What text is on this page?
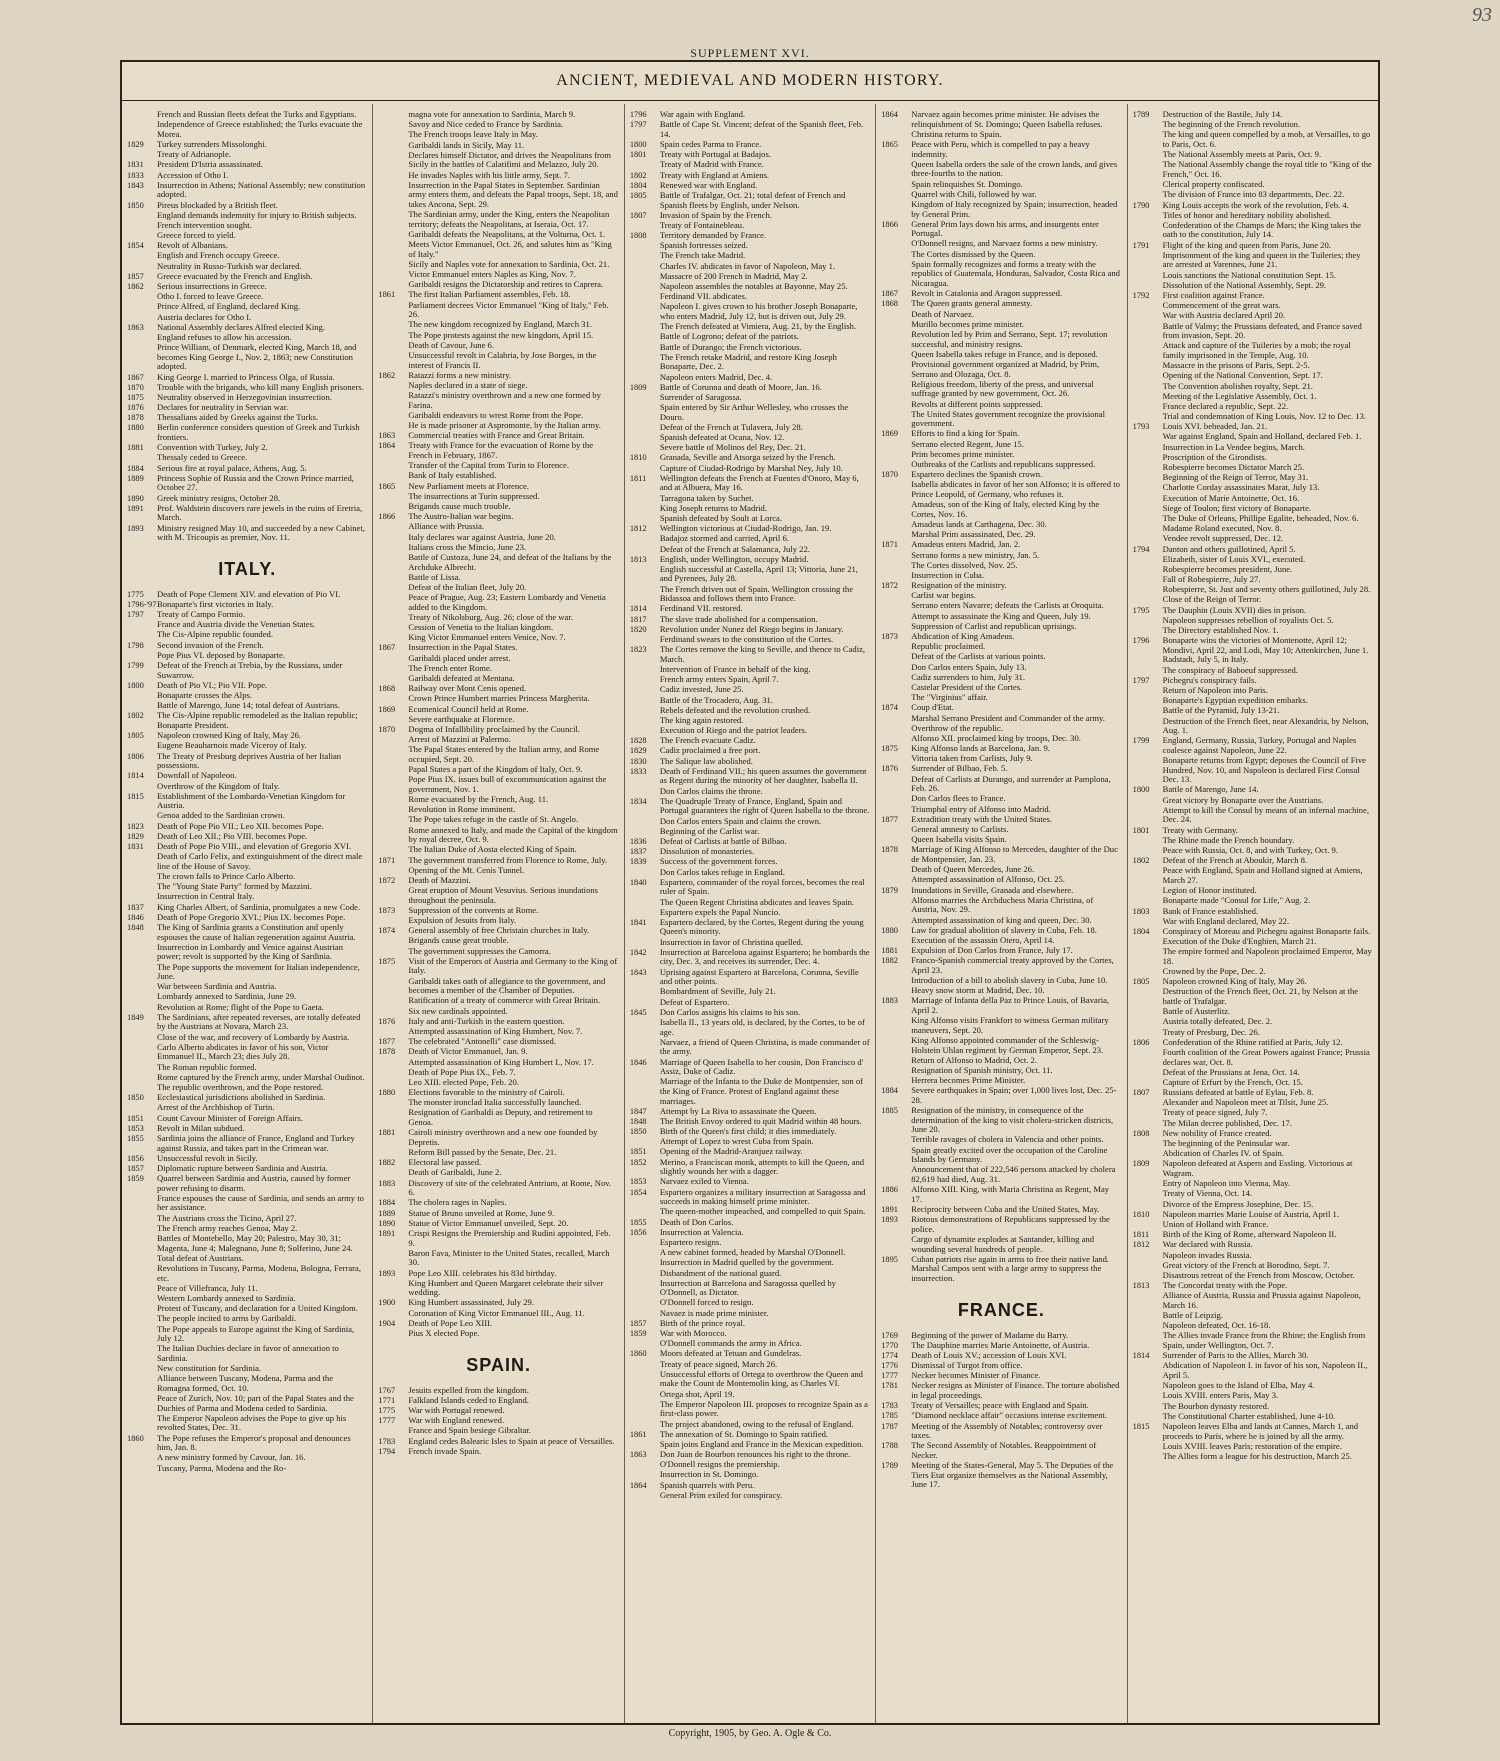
93
SUPPLEMENT XVI.
ANCIENT, MEDIEVAL AND MODERN HISTORY.
French and Russian fleets defeat the Turks and Egyptians.
Independence of Greece established; the Turks evacuate the Morea.
1829	Turkey surrenders Missolonghi.
Treaty of Adrianople.
1831	President D'Istria assassinated.
1833	Accession of Otho I.
1843	Insurrection in Athens; National Assembly; new constitution adopted.
1850	Pireus blockaded by a British fleet.
England demands indemnity for injury to British subjects.
French intervention sought.
Greece forced to yield.
1854	Revolt of Albanians.
English and French occupy Greece.
Neutrality in Russo-Turkish war declared.
1857	Greece evacuated by the French and English.
1862	Serious insurrections in Greece.
Otho I. forced to leave Greece.
Prince Alfred, of England, declared King.
Austria declares for Otho I.
1863	National Assembly declares Alfred elected King.
England refuses to allow his accession.
Prince William, of Denmark, elected King, March 18, and becomes King George I., Nov. 2, 1863; new Constitution adopted.
1867	King George I. married to Princess Olga, of Russia.
1870	Trouble with the brigands, who kill many English prisoners.
1875	Neutrality observed in Herzegovinian insurrection.
1876	Declares for neutrality in Servian war.
1878	Thessalians aided by Greeks against the Turks.
1880	Berlin conference considers question of Greek and Turkish frontiers.
1881	Convention with Turkey, July 2.
Thessaly ceded to Greece.
1884	Serious fire at royal palace, Athens, Aug. 5.
1889	Princess Sophie of Russia and the Crown Prince married, October 27.
1890	Greek ministry resigns, October 28.
1891	Prof. Waldstein discovers rare jewels in the ruins of Eretria, March.
1893	Ministry resigned May 10, and succeeded by a new Cabinet, with M. Tricoupis as premier, Nov. 11.
ITALY.
1775	Death of Pope Clement XIV. and elevation of Pio VI.
1796-'97 Bonaparte's first victories in Italy.
1797	Treaty of Campo Formio.
France and Austria divide the Venetian States.
The Cis-Alpine republic founded.
1798	Second invasion of the French.
Pope Pius VI. deposed by Bonaparte.
1799	Defeat of the French at Trebia, by the Russians, under Suwarrow.
1800	Death of Pio VI.; Pio VII. Pope.
Bonaparte crosses the Alps.
Battle of Marengo, June 14; total defeat of Austrians.
1802	The Cis-Alpine republic remodeled as the Italian republic; Bonaparte President.
1805	Napoleon crowned King of Italy, May 26.
Eugene Beauharnois made Viceroy of Italy.
1806	The Treaty of Presburg deprives Austria of her Italian possessions.
1814	Downfall of Napoleon.
Overthrow of the Kingdom of Italy.
1815	Establishment of the Lombardo-Venetian Kingdom for Austria.
Genoa added to the Sardinian crown.
1823	Death of Pope Pio VII.; Leo XII. becomes Pope.
1829	Death of Leo XII.; Pio VIII. becomes Pope.
1831	Death of Pope Pio VIII., and elevation of Gregorio XVI.
Death of Carlo Felix, and extinguishment of the direct male line of the House of Savoy.
The crown falls to Prince Carlo Alberto.
The "Young State Party" formed by Mazzini.
Insurrection in Central Italy.
1837	King Charles Albert, of Sardinia, promulgates a new Code.
1846	Death of Pope Gregorio XVI.; Pius IX. becomes Pope.
1848	The King of Sardinia grants a Constitution and openly espouses the cause of Italian regeneration against Austria.
Insurrection in Lombardy and Venice against Austrian power; revolt is supported by the King of Sardinia.
The Pope supports the movement for Italian independence, June.
War between Sardinia and Austria.
Lombardy annexed to Sardinia, June 29.
Revolution at Rome; flight of the Pope to Gaeta.
1849	The Sardinians, after repeated reverses, are totally defeated by the Austrians at Novara, March 23.
Close of the war, and recovery of Lombardy by Austria.
Carlo Alberto abdicates in favor of his son, Victor Emmanuel II., March 23; dies July 28.
The Roman republic formed.
Rome captured by the French army, under Marshal Oudinot.
The republic overthrown, and the Pope restored.
1850	Ecclesiastical jurisdictions abolished in Sardinia.
Arrest of the Archbishop of Turin.
1851	Count Cavour Minister of Foreign Affairs.
1853	Revolt in Milan subdued.
1855	Sardinia joins the alliance of France, England and Turkey against Russia, and takes part in the Crimean war.
1856	Unsuccessful revolt in Sicily.
1857	Diplomatic rupture between Sardinia and Austria.
1859	Quarrel between Sardinia and Austria, caused by former power refusing to disarm.
France espouses the cause of Sardinia, and sends an army to her assistance.
The Austrians cross the Ticino, April 27.
The French army reaches Genoa, May 2.
Battles of Montebello, May 20; Palestro, May 30, 31; Magenta, June 4; Malegnano, June 8; Solferino, June 24.
Total defeat of Austrians.
Revolutions in Tuscany, Parma, Modena, Bologna, Ferrara, etc.
Peace of Villefranca, July 11.
Western Lombardy annexed to Sardinia.
Protest of Tuscany, and declaration for a United Kingdom.
The people incited to arms by Garibaldi.
The Pope appeals to Europe against the King of Sardinia, July 12.
The Italian Duchies declare in favor of annexation to Sardinia.
New constitution for Sardinia.
Alliance between Tuscany, Modena, Parma and the Romagna formed, Oct. 10.
Peace of Zurich, Nov. 10; part of the Papal States and the Duchies of Parma and Modena ceded to Sardinia.
The Emperor Napoleon advises the Pope to give up his revolted States, Dec. 31.
1860	The Pope refuses the Emperor's proposal and denounces him, Jan. 8.
A new ministry formed by Cavour, Jan. 16.
Tuscany, Parma, Modena and the Ro-
magna vote for annexation to Sardinia, March 9.
Savoy and Nice ceded to France by Sardinia.
The French troops leave Italy in May.
Garibaldi lands in Sicily, May 11.
Declares himself Dictator, and drives the Neapolitans from Sicily in the battles of Calatifimi and Melazzo, July 20.
He invades Naples with his little army, Sept. 7.
Insurrection in the Papal States in September. Sardinian army enters them, and defeats the Papal troops, Sept. 18, and takes Ancona, Sept. 29.
The Sardinian army, under the King, enters the Neapolitan territory; defeats the Neapolitans, at Iseraia, Oct. 17.
Garibaldi defeats the Neapolitans, at the Volturna, Oct. 1.
Meets Victor Emmanuel, Oct. 26, and salutes him as "King of Italy."
Sicily and Naples vote for annexation to Sardinia, Oct. 21.
Victor Emmanuel enters Naples as King, Nov. 7.
Garibaldi resigns the Dictatorship and retires to Caprera.
1861	The first Italian Parliament assembles, Feb. 18.
Parliament decrees Victor Emmanuel "King of Italy," Feb. 26.
The new kingdom recognized by England, March 31.
The Pope protests against the new kingdom, April 15.
Death of Cavour, June 6.
Unsuccessful revolt in Calabria, by Jose Borges, in the interest of Francis II.
1862	Ratazzi forms a new ministry.
Naples declared in a state of siege.
Ratazzi's ministry overthrown and a new one formed by Farina.
Garibaldi endeavors to wrest Rome from the Pope.
He is made prisoner at Aspromonte, by the Italian army.
1863	Commercial treaties with France and Great Britain.
1864	Treaty with France for the evacuation of Rome by the French in February, 1867.
Transfer of the Capital from Turin to Florence.
Bank of Italy established.
1865	New Parliament meets at Florence.
The insurrections at Turin suppressed.
Brigands cause much trouble.
1866	The Austro-Italian war begins.
Alliance with Prussia.
Italy declares war against Austria, June 20.
Italians cross the Mincio, June 23.
Battle of Custoza, June 24, and defeat of the Italians by the Archduke Albrecht.
Battle of Lissa.
Defeat of the Italian fleet, July 20.
Peace of Prague, Aug. 23; Eastern Lombardy and Venetia added to the Kingdom.
Treaty of Nikolsburg, Aug. 26; close of the war.
Cession of Venetia to the Italian kingdom.
King Victor Emmanuel enters Venice, Nov. 7.
1867	Insurrection in the Papal States.
Garibaldi placed under arrest.
The French enter Rome.
Garibaldi defeated at Mentana.
1868	Railway over Mont Cenis opened.
Crown Prince Humbert marries Princess Margherita.
1869	Ecumenical Council held at Rome.
Severe earthquake at Florence.
1870	Dogma of Infallibility proclaimed by the Council.
Arrest of Mazzini at Palermo.
The Papal States entered by the Italian army, and Rome occupied, Sept. 20.
Papal States a part of the Kingdom of Italy, Oct. 9.
Pope Pius IX. issues bull of excommunication against the government, Nov. 1.
Rome evacuated by the French, Aug. 11.
Revolution in Rome imminent.
The Pope takes refuge in the castle of St. Angelo.
Rome annexed to Italy, and made the Capital of the kingdom by royal decree, Oct. 9.
The Italian Duke of Aosta elected King of Spain.
1871	The government transferred from Florence to Rome, July.
Opening of the Mt. Cenis Tunnel.
1872	Death of Mazzini.
Great eruption of Mount Vesuvius. Serious inundations throughout the peninsula.
1873	Suppression of the convents at Rome.
Expulsion of Jesuits from Italy.
1874	General assembly of free Christain churches in Italy.
Brigands cause great trouble.
The government suppresses the Camorra.
1875	Visit of the Emperors of Austria and Germany to the King of Italy.
Garibaldi takes oath of allegiance to the government, and becomes a member of the Chamber of Deputies.
Ratification of a treaty of commerce with Great Britain.
Six new cardinals appointed.
1876	Italy and anti-Turkish in the eastern question.
Attempted assassination of King Humbert, Nov. 7.
1877	The celebrated "Antonelli" case dismissed.
1878	Death of Victor Emmanuel, Jan. 9.
Attempted assassination of King Humbert I., Nov. 17.
Death of Pope Pius IX., Feb. 7.
Leo XIII. elected Pope, Feb. 20.
1880	Elections favorable to the ministry of Cairoli.
The monster ironclad Italia successfully launched.
Resignation of Garibaldi as Deputy, and retirement to Genoa.
1881	Cairoli ministry overthrown and a new one founded by Depretis.
Reform Bill passed by the Senate, Dec. 21.
1882	Electoral law passed.
Death of Garibaldi, June 2.
1883	Discovery of site of the celebrated Antrium, at Rome, Nov. 6.
1884	The cholera rages in Naples.
1889	Statue of Bruno unveiled at Rome, June 9.
1890	Statue of Victor Emmanuel unveiled, Sept. 20.
1891	Crispi Resigns the Premiership and Rudini appointed, Feb. 9.
Baron Fava, Minister to the United States, recalled, March 30.
1893	Pope Leo XIII. celebrates his 83d birthday.
King Humbert and Queen Margaret celebrate their silver wedding.
1900	King Humbert assassinated, July 29.
Coronation of King Victor Emmanuel III., Aug. 11.
1904	Death of Pope Leo XIII.
Pius X elected Pope.
SPAIN.
1767	Jesuits expelled from the kingdom.
1771	Falkland Islands ceded to England.
1775	War with Portugal renewed.
1777	War with England renewed.
France and Spain besiege Gibraltar.
1783	England cedes Balearic Isles to Spain at peace of Versailles.
1794	French invade Spain.
1796	War again with England.
1797	Battle of Cape St. Vincent; defeat of the Spanish fleet, Feb. 14.
1800	Spain cedes Parma to France.
1801	Treaty with Portugal at Badajos.
Treaty of Madrid with France.
1802	Treaty with England at Amiens.
1804	Renewed war with England.
1805	Battle of Trafalgar, Oct. 21; total defeat of French and Spanish fleets by English, under Nelson.
1807	Invasion of Spain by the French.
Treaty of Fontainebleau.
1808	Territory demanded by France.
Spanish fortresses seized.
The French take Madrid.
Charles IV. abdicates in favor of Napoleon, May 1.
Massacre of 200 French in Madrid, May 2.
Napoleon assembles the notables at Bayonne, May 25.
Ferdinand VII. abdicates.
Napoleon I. gives crown to his brother Joseph Bonaparte, who enters Madrid, July 12, but is driven out, July 29.
The French defeated at Vimiera, Aug. 21, by the English.
Battle of Logrono; defeat of the patriots.
Battle of Durango; the French victorious.
The French retake Madrid, and restore King Joseph Bonaparte, Dec. 2.
Napoleon enters Madrid, Dec. 4.
1809	Battle of Corunna and death of Moore, Jan. 16.
Surrender of Saragossa.
Spain entered by Sir Arthur Wellesley, who crosses the Douro.
Defeat of the French at Tulavera, July 28.
Spanish defeated at Ocana, Nov. 12.
Severe battle of Molinos del Rey, Dec. 21.
1810	Granada, Seville and Atsorga seized by the French.
Capture of Ciudad-Rodrigo by Marshal Ney, July 10.
1811	Wellington defeats the French at Fuentes d'Onoro, May 6, and at Albuera, May 16.
Tarragona taken by Suchet.
King Joseph returns to Madrid.
Spanish defeated by Soult at Lorca.
1812	Wellington victorious at Ciudad-Rodrigo, Jan. 19.
Badajoz stormed and carried, April 6.
Defeat of the French at Salamanca, July 22.
1813	English, under Wellington, occupy Madrid.
English successful at Castella, April 13; Vittoria, June 21, and Pyrenees, July 28.
The French driven out of Spain. Wellington crossing the Bidassoa and follows them into France.
1814	Ferdinand VII. restored.
1817	The slave trade abolished for a compensation.
1820	Revolution under Nunez del Riego begins in January.
Ferdinand swears to the constitution of the Cortes.
1823	The Cortes remove the king to Seville, and thence to Cadiz, March.
Intervention of France in behalf of the king.
French army enters Spain, April 7.
Cadiz invested, June 25.
Battle of the Trocadero, Aug. 31.
Rebels defeated and the revolution crushed.
The king again restored.
Execution of Riego and the patriot leaders.
1828	The French evacuate Cadiz.
1829	Cadiz proclaimed a free port.
1830	The Salique law abolished.
1833	Death of Ferdinand VII.; his queen assumes the government as Regent during the minority of her daughter, Isabella II.
Don Carlos claims the throne.
1834	The Quadruple Treaty of France, England, Spain and Portugal guarantees the right of Queen Isabella to the throne.
Don Carlos enters Spain and claims the crown.
Beginning of the Carlist war.
1836	Defeat of Carlists at battle of Bilbao.
1837	Dissolution of monasteries.
1839	Success of the government forces.
Don Carlos takes refuge in England.
1840	Espartero, commander of the royal forces, becomes the real ruler of Spain.
The Queen Regent Christina abdicates and leaves Spain.
Espartero expels the Papal Nuncio.
1841	Espartero declared, by the Cortes, Regent during the young Queen's minority.
Insurrection in favor of Christina quelled.
1842	Insurrection at Barcelona against Espartero; he bombards the city, Dec. 3, and receives its surrender, Dec. 4.
1843	Uprising against Espartero at Barcelona, Corunna, Seville and other points.
Bombardment of Seville, July 21.
Defeat of Espartero.
1845	Don Carlos assigns his claims to his son.
Isabella II., 13 years old, is declared, by the Cortes, to be of age.
Narvaez, a friend of Queen Christina, is made commander of the army.
1846	Marriage of Queen Isabella to her cousin, Don Francisco d' Assiz, Duke of Cadiz.
Marriage of the Infanta to the Duke de Montpensier, son of the King of France. Protest of England against these marriages.
1847	Attempt by La Riva to assassinate the Queen.
1848	The British Envoy ordered to quit Madrid within 48 hours.
1850	Birth of the Queen's first child; it dies immediately.
Attempt of Lopez to wrest Cuba from Spain.
1851	Opening of the Madrid-Aranjuez railway.
1852	Merino, a Franciscan monk, attempts to kill the Queen, and slightly wounds her with a dagger.
1853	Narvaez exiled to Vienna.
1854	Espartero organizes a military insurrection at Saragossa and succeeds in making himself prime minister.
The queen-mother impeached, and compelled to quit Spain.
1855	Death of Don Carlos.
1856	Insurrection at Valencia.
Espartero resigns.
A new cabinet formed, headed by Marshal O'Donnell.
Insurrection in Madrid quelled by the government.
Disbandment of the national guard.
Insurrection at Barcelona and Saragossa quelled by O'Donnell, as Dictator.
O'Donnell forced to resign.
Navaez is made prime minister.
1857	Birth of the prince royal.
1859	War with Morocco.
O'Donnell commands the army in Africa.
1860	Moors defeated at Tetuan and Gundelras.
Treaty of peace signed, March 26.
Unsuccessful efforts of Ortega to overthrow the Queen and make the Count de Montemolin king, as Charles VI.
Ortega shot, April 19.
The Emperor Napoleon III. proposes to recognize Spain as a first-class power.
The project abandoned, owing to the refusal of England.
1861	The annexation of St. Domingo to Spain ratified.
Spain joins England and France in the Mexican expedition.
1863	Don Juan de Bourbon renounces his right to the throne.
O'Donnell resigns the premiership.
Insurrection in St. Domingo.
1864	Spanish quarrels with Peru.
General Prim exiled for conspiracy.
1864	Narvaez again becomes prime minister. He advises the relinquishment of St. Domingo; Queen Isabella refuses.
Christina returns to Spain.
1865	Peace with Peru, which is compelled to pay a heavy indemnity.
Queen Isabella orders the sale of the crown lands, and gives three-fourths to the nation.
Spain relinquishes St. Domingo.
Quarrel with Chili, followed by war.
Kingdom of Italy recognized by Spain; insurrection, headed by General Prim.
1866	General Prim lays down his arms, and insurgents enter Portugal.
O'Donnell resigns, and Narvaez forms a new ministry.
The Cortes dismissed by the Queen.
Spain formally recognizes and forms a treaty with the republics of Guatemala, Honduras, Salvador, Costa Rica and Nicaragua.
1867	Revolt in Catalonia and Aragon suppressed.
1868	The Queen grants general amnesty.
Death of Narvaez.
Murillo becomes prime minister.
Revolution led by Prim and Serrano, Sept. 17; revolution successful, and ministry resigns.
Queen Isabella takes refuge in France, and is deposed.
Provisional government organized at Madrid, by Prim, Serrano and Olozaga, Oct. 8.
Religious freedom, liberty of the press, and universal suffrage granted by new government, Oct. 26.
Revolts at different points suppressed.
The United States government recognize the provisional government.
1869	Efforts to find a king for Spain.
Serrano elected Regent, June 15.
Prim becomes prime minister.
Outbreaks of the Carlists and republicans suppressed.
1870	Espartero declines the Spanish crown.
Isabella abdicates in favor of her son Alfonso; it is offered to Prince Leopold, of Germany, who refuses it.
Amadeus, son of the King of Italy, elected King by the Cortes, Nov. 16.
Amadeus lands at Carthagena, Dec. 30.
Marshal Prim assassinated, Dec. 29.
1871	Amadeus enters Madrid, Jan. 2.
Serrano forms a new ministry, Jan. 5.
The Cortes dissolved, Nov. 25.
Insurrection in Cuba.
1872	Resignation of the ministry.
Carlist war begins.
Serrano enters Navarre; defeats the Carlists at Oroquita.
Attempt to assassinate the King and Queen, July 19.
Suppression of Carlist and republican uprisings.
1873	Abdication of King Amadeus.
Republic proclaimed.
Defeat of the Carlists at various points.
Don Carlos enters Spain, July 13.
Cadiz surrenders to him, July 31.
Castelar President of the Cortes.
The "Virginius" affair.
1874	Coup d'Etat.
Marshal Serrano President and Commander of the army.
Overthrow of the republic.
Alfonso XII. proclaimed king by troops, Dec. 30.
1875	King Alfonso lands at Barcelona, Jan. 9.
Vittoria taken from Carlists, July 9.
1876	Surrender of Bilbao, Feb. 5.
Defeat of Carlists at Durango, and surrender at Pamplona, Feb. 26.
Don Carlos flees to France.
Triumphal entry of Alfonso into Madrid.
1877	Extradition treaty with the United States.
General amnesty to Carlists.
Queen Isabella visits Spain.
1878	Marriage of King Alfonso to Mercedes, daughter of the Duc de Montpensier, Jan. 23.
Death of Queen Mercedes, June 26.
Attempted assassination of Alfonso, Oct. 25.
1879	Inundations in Seville, Granada and elsewhere.
Alfonso marries the Archduchess Maria Christina, of Austria, Nov. 29.
Attempted assassination of king and queen, Dec. 30.
1880	Law for gradual abolition of slavery in Cuba, Feb. 18.
Execution of the assassin Otero, April 14.
1881	Expulsion of Don Carlos from France, July 17.
1882	Franco-Spanish commercial treaty approved by the Cortes, April 23.
Introduction of a bill to abolish slavery in Cuba, June 10.
Heavy snow storm at Madrid, Dec. 10.
1883	Marriage of Infanta della Paz to Prince Louis, of Bavaria, April 2.
King Alfonso visits Frankfort to witness German military maneuvers, Sept. 20.
King Alfonso appointed commander of the Schleswig-Holstein Uhlan regiment by German Emperor, Sept. 23.
Return of Alfonso to Madrid, Oct. 2.
Resignation of Spanish ministry, Oct. 11.
Herrera becomes Prime Minister.
1884	Severe earthquakes in Spain; over 1,000 lives lost, Dec. 25-28.
1885	Resignation of the ministry, in consequence of the determination of the king to visit cholera-stricken districts, June 20.
Terrible ravages of cholera in Valencia and other points.
Spain greatly excited over the occupation of the Caroline Islands by Germany.
Announcement that of 222,546 persons attacked by cholera 82,619 had died, Aug. 31.
1886	Alfonso XIII. King, with Maria Christina as Regent, May 17.
1891	Reciprocity between Cuba and the United States, May.
1893	Riotous demonstrations of Republicans suppressed by the police.
Cargo of dynamite explodes at Santander, killing and wounding several hundreds of people.
1895	Cuban patriots rise again in arms to free their native land. Marshal Campos sent with a large army to suppress the insurrection.
FRANCE.
1769	Beginning of the power of Madame du Barry.
1770	The Dauphine marries Marie Antoinette, of Austria.
1774	Death of Louis XV.; accession of Louis XVI.
1776	Dismissal of Turgot from office.
1777	Necker becomes Minister of Finance.
1781	Necker resigns as Minister of Finance. The torture abolished in legal proceedings.
1783	Treaty of Versailles; peace with England and Spain.
1785	"Diamond necklace affair" occasions intense excitement.
1787	Meeting of the Assembly of Notables; controversy over taxes.
1788	The Second Assembly of Notables. Reappointment of Necker.
1789	Meeting of the States-General, May 5. The Deputies of the Tiers Etat organize themselves as the National Assembly, June 17.
1789	Destruction of the Bastile, July 14.
The beginning of the French revolution.
The king and queen compelled by a mob, at Versailles, to go to Paris, Oct. 6.
The National Assembly meets at Paris, Oct. 9.
The National Assembly change the royal title to "King of the French," Oct. 16.
Clerical property confiscated.
The division of France into 83 departments, Dec. 22.
1790	King Louis accepts the work of the revolution, Feb. 4.
Titles of honor and hereditary nobility abolished.
Confederation of the Champs de Mars; the King takes the oath to the constitution, July 14.
1791	Flight of the king and queen from Paris, June 20.
Imprisonment of the king and queen in the Tuileries; they are arrested at Varennes, June 21.
Louis sanctions the National constitution Sept. 15.
Dissolution of the National Assembly, Sept. 29.
1792	First coalition against France.
Commencement of the great wars.
War with Austria declared April 20.
Battle of Valmy; the Prussians defeated, and France saved from invasion, Sept. 20.
Attack and capture of the Tuileries by a mob; the royal family imprisoned in the Temple, Aug. 10.
Massacre in the prisons of Paris, Sept. 2-5.
Opening of the National Convention, Sept. 17.
The Convention abolishes royalty, Sept. 21.
Meeting of the Legislative Assembly, Oct. 1.
France declared a republic, Sept. 22.
Trial and condemnation of King Louis, Nov. 12 to Dec. 13.
1793	Louis XVI. beheaded, Jan. 21.
War against England, Spain and Holland, declared Feb. 1.
Insurrection in La Vendee begins, March.
Proscription of the Girondists.
Robespierre becomes Dictator March 25.
Beginning of the Reign of Terror, May 31.
Charlotte Corday assassinates Marat, July 13.
Execution of Marie Antoinette, Oct. 16.
Siege of Toulon; first victory of Bonaparte.
The Duke of Orleans, Phillipe Egalite, beheaded, Nov. 6.
Madame Roland executed, Nov. 8.
Vendee revolt suppressed, Dec. 12.
1794	Danton and others guillotined, April 5.
Elizabeth, sister of Louis XVI., executed.
Robespierre becomes president, June.
Fall of Robespierre, July 27.
Robespierre, St. Just and seventy others guillotined, July 28.
Close of the Reign of Terror.
1795	The Dauphin (Louis XVII) dies in prison.
Napoleon suppresses rebellion of royalists Oct. 5.
The Directory established Nov. 1.
1796	Bonaparte wins the victories of Montenotte, April 12; Mondivi, April 22, and Lodi, May 10; Attenkirchen, June 1. Radstadt, July 5, in Italy.
The conspiracy of Baboeuf suppressed.
1797	Pichegru's conspiracy fails.
Return of Napoleon into Paris.
Bonaparte's Egyptian expedition embarks.
Battle of the Pyramid, July 13-21.
Destruction of the French fleet, near Alexandria, by Nelson, Aug. 1.
1799	England, Germany, Russia, Turkey, Portugal and Naples coalesce against Napoleon, June 22.
Bonaparte returns from Egypt; deposes the Council of Five Hundred, Nov. 10, and Napoleon is declared First Consul Dec. 13.
1800	Battle of Marengo, June 14.
Great victory by Bonaparte over the Austrians.
Attempt to kill the Consul by means of an infernal machine, Dec. 24.
1801	Treaty with Germany.
The Rhine made the French boundary.
Peace with Russia, Oct. 8, and with Turkey, Oct. 9.
1802	Defeat of the French at Aboukir, March 8.
Peace with England, Spain and Holland signed at Amiens, March 27.
Legion of Honor instituted.
Bonaparte made "Consul for Life," Aug. 2.
1803	Bank of France established.
War with England declared, May 22.
1804	Conspiracy of Moreau and Pichegru against Bonaparte fails.
Execution of the Duke d'Enghien, March 21.
The empire formed and Napoleon proclaimed Emperor, May 18.
Crowned by the Pope, Dec. 2.
1805	Napoleon crowned King of Italy, May 26.
Destruction of the French fleet, Oct. 21, by Nelson at the battle of Trafalgar.
Battle of Austerlitz.
Austria totally defeated, Dec. 2.
Treaty of Presburg, Dec. 26.
1806	Confederation of the Rhine ratified at Paris, July 12.
Fourth coalition of the Great Powers against France; Prussia declares war, Oct. 8.
Defeat of the Prussians at Jena, Oct. 14.
Capture of Erfurt by the French, Oct. 15.
1807	Russians defeated at battle of Eylau, Feb. 8.
Alexander and Napoleon meet at Tilsit, June 25.
Treaty of peace signed, July 7.
The Milan decree published, Dec. 17.
1808	New nobility of France created.
The beginning of the Peninsular war.
Abdication of Charles IV. of Spain.
1809	Napoleon defeated at Aspern and Essling. Victorious at Wagram.
Entry of Napoleon into Vienna, May.
Treaty of Vienna, Oct. 14.
Divorce of the Empress Josephine, Dec. 15.
1810	Napoleon marries Marie Louise of Austria, April 1.
Union of Holland with France.
1811	Birth of the King of Rome, afterward Napoleon II.
1812	War declared with Russia.
Napoleon invades Russia.
Great victory of the French at Borodino, Sept. 7.
Disastrous retreat of the French from Moscow, October.
1813	The Concordat treaty with the Pope.
Alliance of Austria, Russia and Prussia against Napoleon, March 16.
Battle of Leipzig.
Napoleon defeated, Oct. 16-18.
The Allies invade France from the Rhine; the English from Spain, under Wellington, Oct. 7.
1814	Surrender of Paris to the Allies, March 30.
Abdication of Napoleon I. in favor of his son, Napoleon II., April 5.
Napoleon goes to the Island of Elba, May 4.
Louis XVIII. enters Paris, May 3.
The Bourbon dynasty restored.
The Constitutional Charter established, June 4-10.
1815	Napoleon leaves Elba and lands at Cannes, March 1, and proceeds to Paris, where he is joined by all the army.
Louis XVIII. leaves Paris; restoration of the empire.
The Allies form a league for his destruction, March 25.
Copyright, 1905, by Geo. A. Ogle & Co.
